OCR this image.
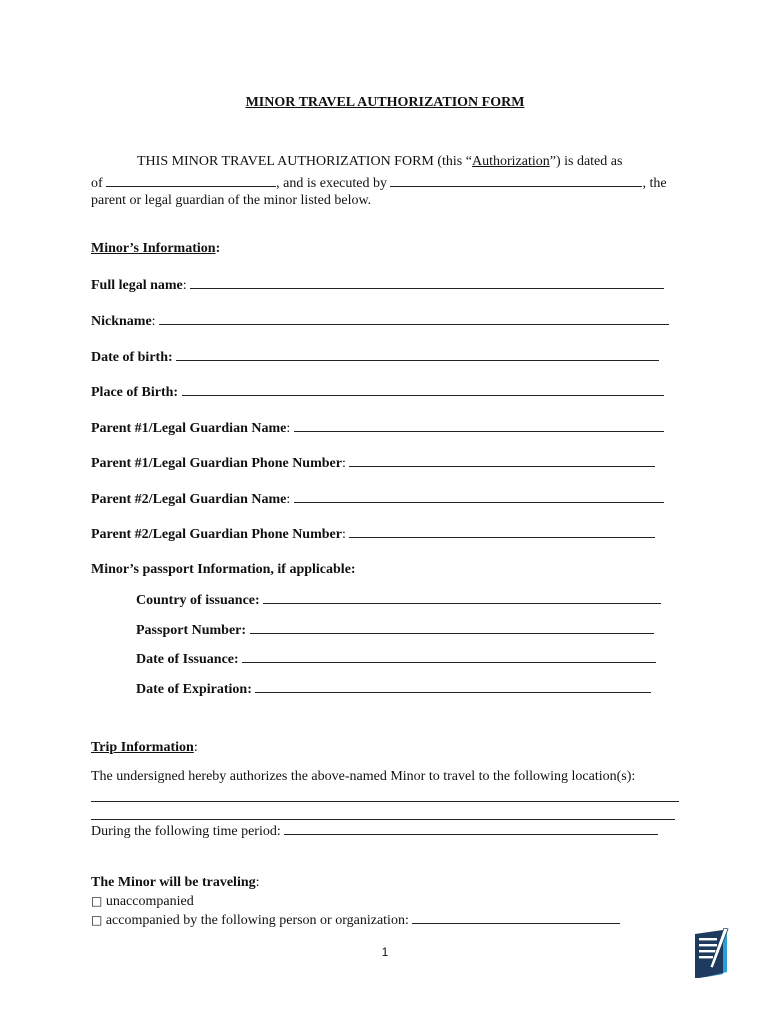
MINOR TRAVEL AUTHORIZATION FORM
THIS MINOR TRAVEL AUTHORIZATION FORM (this “Authorization”) is dated as
of	, and is executed by	, the
parent or legal guardian of the minor listed below.
Minor’s Information:
Full legal name:
Nickname:
Date of birth:
Place of Birth:
Parent #1/Legal Guardian Name:
Parent #1/Legal Guardian Phone Number:
Parent #2/Legal Guardian Name:
Parent #2/Legal Guardian Phone Number:
Minor’s passport Information, if applicable:
Country of issuance:
Passport Number:
Date of Issuance:
Date of Expiration:
Trip Information:
The undersigned hereby authorizes the above-named Minor to travel to the following location(s):
During the following time period:
The Minor will be traveling:
□ unaccompanied
□ accompanied by the following person or organization:
1
